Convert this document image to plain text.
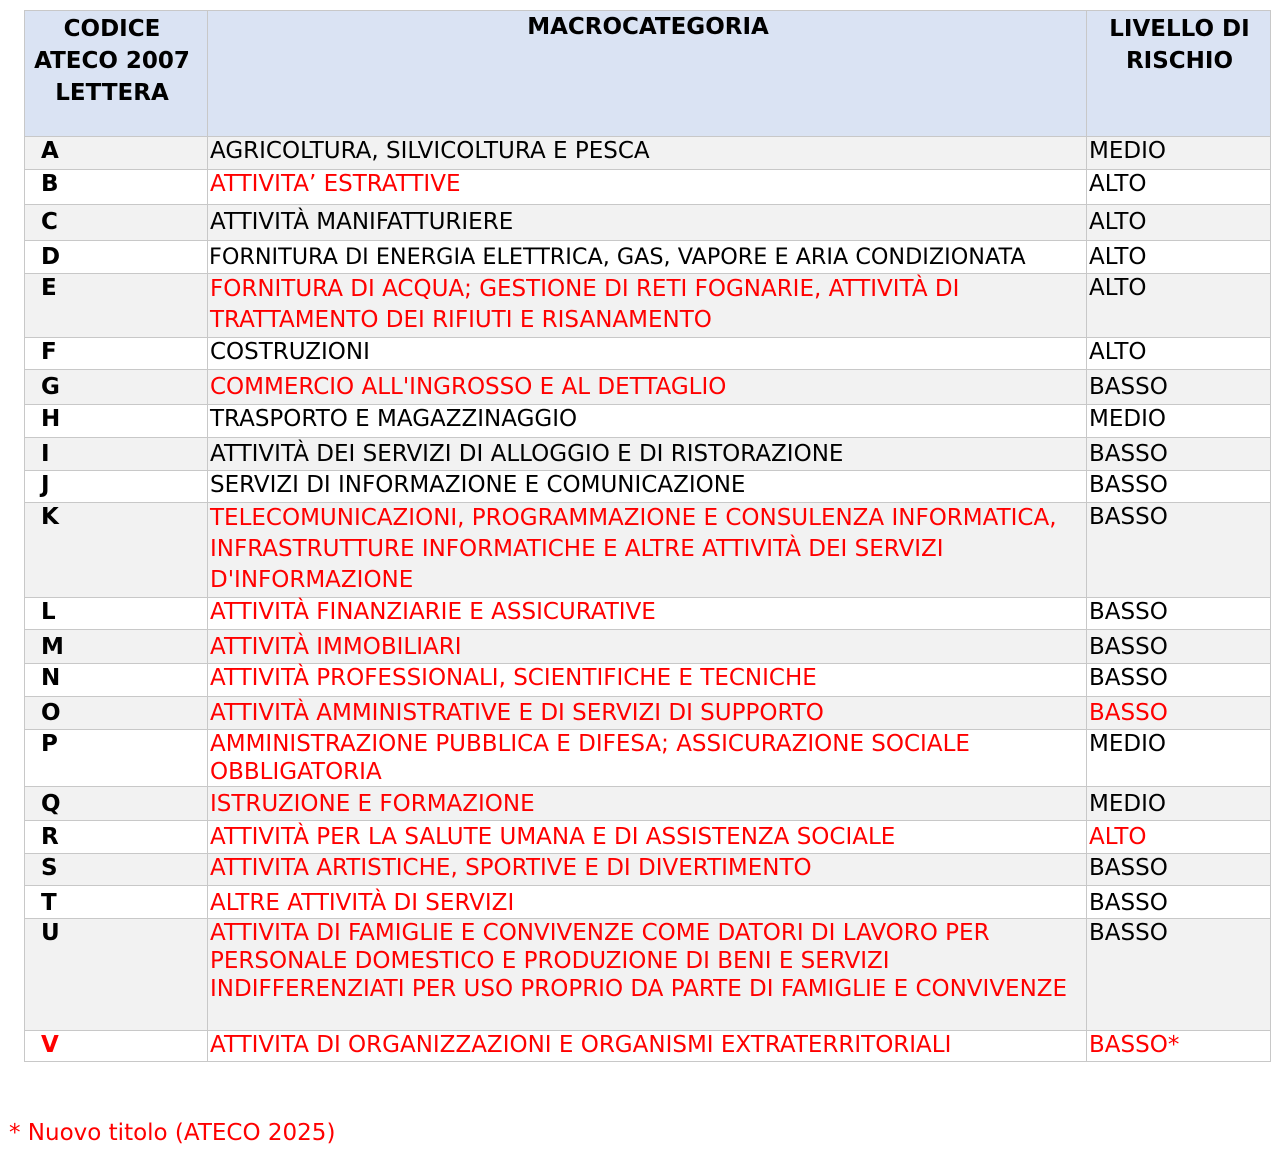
CODICE ATECO 2007 LETTERA	MACROCATEGORIA	LIVELLO DI RISCHIO
A	AGRICOLTURA, SILVICOLTURA E PESCA	MEDIO
B	ATTIVITA’ ESTRATTIVE	ALTO
C	ATTIVITÀ MANIFATTURIERE	ALTO
D	FORNITURA DI ENERGIA ELETTRICA, GAS, VAPORE E ARIA CONDIZIONATA	ALTO
E	FORNITURA DI ACQUA; GESTIONE DI RETI FOGNARIE, ATTIVITÀ DI TRATTAMENTO DEI RIFIUTI E RISANAMENTO	ALTO
F	COSTRUZIONI	ALTO
G	COMMERCIO ALL'INGROSSO E AL DETTAGLIO	BASSO
H	TRASPORTO E MAGAZZINAGGIO	MEDIO
I	ATTIVITÀ DEI SERVIZI DI ALLOGGIO E DI RISTORAZIONE	BASSO
J	SERVIZI DI INFORMAZIONE E COMUNICAZIONE	BASSO
K	TELECOMUNICAZIONI, PROGRAMMAZIONE E CONSULENZA INFORMATICA, INFRASTRUTTURE INFORMATICHE E ALTRE ATTIVITÀ DEI SERVIZI D'INFORMAZIONE	BASSO
L	ATTIVITÀ FINANZIARIE E ASSICURATIVE	BASSO
M	ATTIVITÀ IMMOBILIARI	BASSO
N	ATTIVITÀ PROFESSIONALI, SCIENTIFICHE E TECNICHE	BASSO
O	ATTIVITÀ AMMINISTRATIVE E DI SERVIZI DI SUPPORTO	BASSO
P	AMMINISTRAZIONE PUBBLICA E DIFESA; ASSICURAZIONE SOCIALE OBBLIGATORIA	MEDIO
Q	ISTRUZIONE E FORMAZIONE	MEDIO
R	ATTIVITÀ PER LA SALUTE UMANA E DI ASSISTENZA SOCIALE	ALTO
S	ATTIVITA ARTISTICHE, SPORTIVE E DI DIVERTIMENTO	BASSO
T	ALTRE ATTIVITÀ DI SERVIZI	BASSO
U	ATTIVITA DI FAMIGLIE E CONVIVENZE COME DATORI DI LAVORO PER PERSONALE DOMESTICO E PRODUZIONE DI BENI E SERVIZI INDIFFERENZIATI PER USO PROPRIO DA PARTE DI FAMIGLIE E CONVIVENZE	BASSO
V	ATTIVITA DI ORGANIZZAZIONI E ORGANISMI EXTRATERRITORIALI	BASSO*
* Nuovo titolo (ATECO 2025)
